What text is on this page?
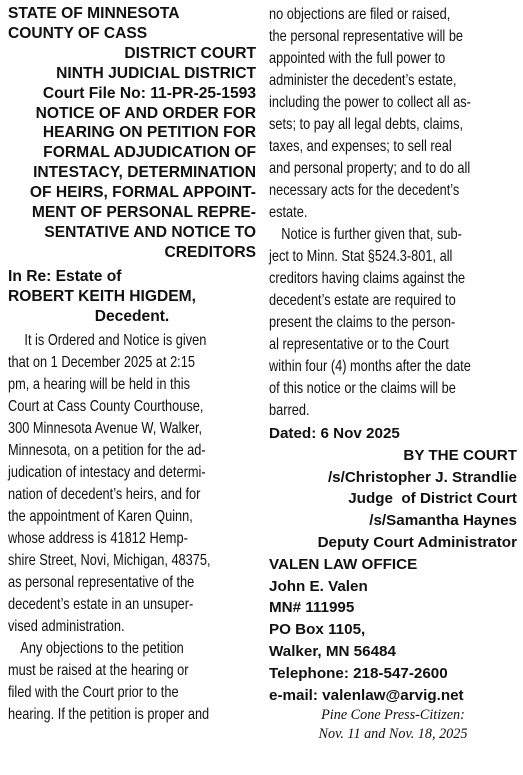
STATE OF MINNESOTA
COUNTY OF CASS
DISTRICT COURT
NINTH JUDICIAL DISTRICT
Court File No: 11-PR-25-1593
NOTICE OF AND ORDER FOR
HEARING ON PETITION FOR
FORMAL ADJUDICATION OF
INTESTACY, DETERMINATION
OF HEIRS, FORMAL APPOINT-
MENT OF PERSONAL REPRE-
SENTATIVE AND NOTICE TO
CREDITORS
In Re: Estate of
ROBERT KEITH HIGDEM,
Decedent.
It is Ordered and Notice is given
that on 1 December 2025 at 2:15
pm, a hearing will be held in this
Court at Cass County Courthouse,
300 Minnesota Avenue W, Walker,
Minnesota, on a petition for the ad-
judication of intestacy and determi-
nation of decedent’s heirs, and for
the appointment of Karen Quinn,
whose address is 41812 Hemp-
shire Street, Novi, Michigan, 48375,
as personal representative of the
decedent’s estate in an unsuper-
vised administration.
Any objections to the petition
must be raised at the hearing or
filed with the Court prior to the
hearing. If the petition is proper and
no objections are filed or raised,
the personal representative will be
appointed with the full power to
administer the decedent’s estate,
including the power to collect all as-
sets; to pay all legal debts, claims,
taxes, and expenses; to sell real
and personal property; and to do all
necessary acts for the decedent’s
estate.
Notice is further given that, sub-
ject to Minn. Stat §524.3-801, all
creditors having claims against the
decedent’s estate are required to
present the claims to the person-
al representative or to the Court
within four (4) months after the date
of this notice or the claims will be
barred.
Dated: 6 Nov 2025
BY THE COURT
/s/Christopher J. Strandlie
Judge  of District Court
/s/Samantha Haynes
Deputy Court Administrator
VALEN LAW OFFICE
John E. Valen
MN# 111995
PO Box 1105,
Walker, MN 56484
Telephone: 218-547-2600
e-mail: valenlaw@arvig.net
Pine Cone Press-Citizen:
Nov. 11 and Nov. 18, 2025
